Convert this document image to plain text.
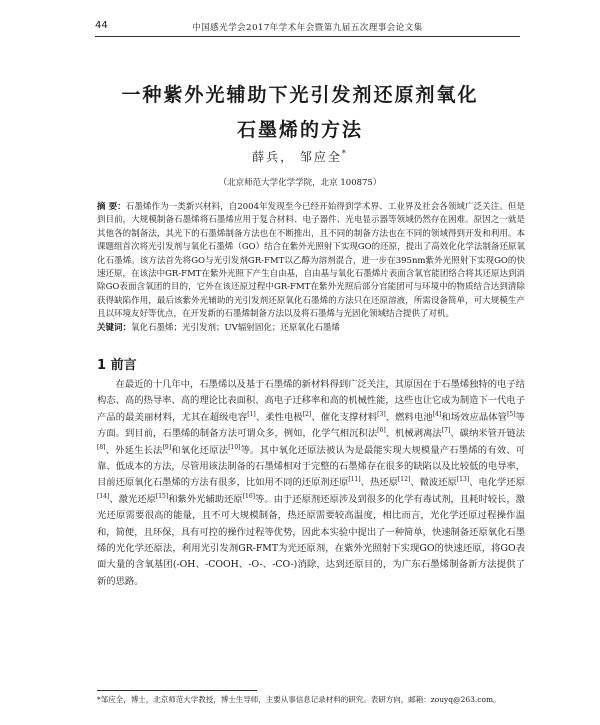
44	中国感光学会2017年学术年会暨第九届五次理事会论文集
一种紫外光辅助下光引发剂还原剂氧化
石墨烯的方法
薛兵， 邹应全*
（北京师范大学化学学院，北京 100875）
摘 要：石墨烯作为一类新兴材料，自2004年发现至今已经开始得到学术界、工业界及社会各领域广泛关注。但是到目前，大规模制备石墨烯将石墨烯应用于复合材料、电子器件、光电显示器等领域仍然存在困难。原因之一就是其他各的制备法，其光下的石墨烯制备方法也在不断推出，且不同的制备方法也在不同的领域得到开发和利用。本课题组首次将光引发剂与氧化石墨烯（GO）结合在紫外光照射下实现GO的还原，提出了高效化化学法制备还原氧化石墨烯。该方法首先将GO与光引发剂GR-FMT以乙醇为溶剂混合，进一步在395nm紫外光照射下实现GO的快速还原，在该法中GR-FMT在紫外光照下产生自由基，自由基与氧化石墨烯片表面含氧官能团络合将其还原达到消除GO表面含氧团的目的，它外在该还原过程中GR-FMT在紫外光照后部分官能团可与环境中的物质结合达到清除获得缺陷作用，最后该紫外光辅助的光引发剂还原氧化石墨烯的方法只在还原溶液，所需设备简单，可大规模生产且以环境友好等优点，在开发新的石墨烯制备方法以及将石墨烯与光固化领域结合提供了对机。
关键词：氧化石墨烯；光引发剂；UV辐射固化；还原氧化石墨烯
1 前言
在最近的十几年中，石墨烯以及基于石墨烯的新材料得到广泛关注，其原因在于石墨烯独特的电子结构态、高的热导率、高的理论比表面积、高电子迁移率和高的机械性能，这些也让它成为制造下一代电子产品的最美丽材料，尤其在超级电容[1]、柔性电极[2]、催化支撑材料[3]、燃料电池[4]和场效应晶体管[5]等方面。到目前，石墨烯的制备方法可谓众多，例如，化学气相沉积法[6]、机械剥离法[7]、碳纳米管开链法[8]、外延生长法[9]和氧化还原法[10]等。其中氧化还原法被认为是最能实现大规模量产石墨烯的有效、可靠、低成本的方法，尽管用该法制备的石墨烯相对于完整的石墨烯存在很多的缺陷以及比较低的电导率，目前还原氧化石墨烯的方法有很多，比如用不同的还原剂还原[11]、热还原[12]、微波还原[13]、电化学还原[14]、激光还原[15]和紫外光辅助还原[16]等。由于还原剂还原涉及到很多的化学有毒试剂，且耗时较长，激光还原需要很高的能量，且不可大规模制备，热还原需要较高温度，相比而言，光化学还原过程操作温和，简便，且环保，具有可控的操作过程等优势，因此本实验中提出了一种简单，快速制备还原氧化石墨烯的光化学还原法，利用光引发剂GR-FMT为光还原剂，在紫外光照射下实现GO的快速还原，将GO表面大量的含氧基团(-OH、-COOH、-O-、-CO-)消除，达到还原目的，为广东石墨烯制备新方法提供了新的思路。
*邹应全，博士，北京师范大学教授，博士生导师，主要从事信息记录材料的研究。表研方向，邮箱：zouyq@263.com。
